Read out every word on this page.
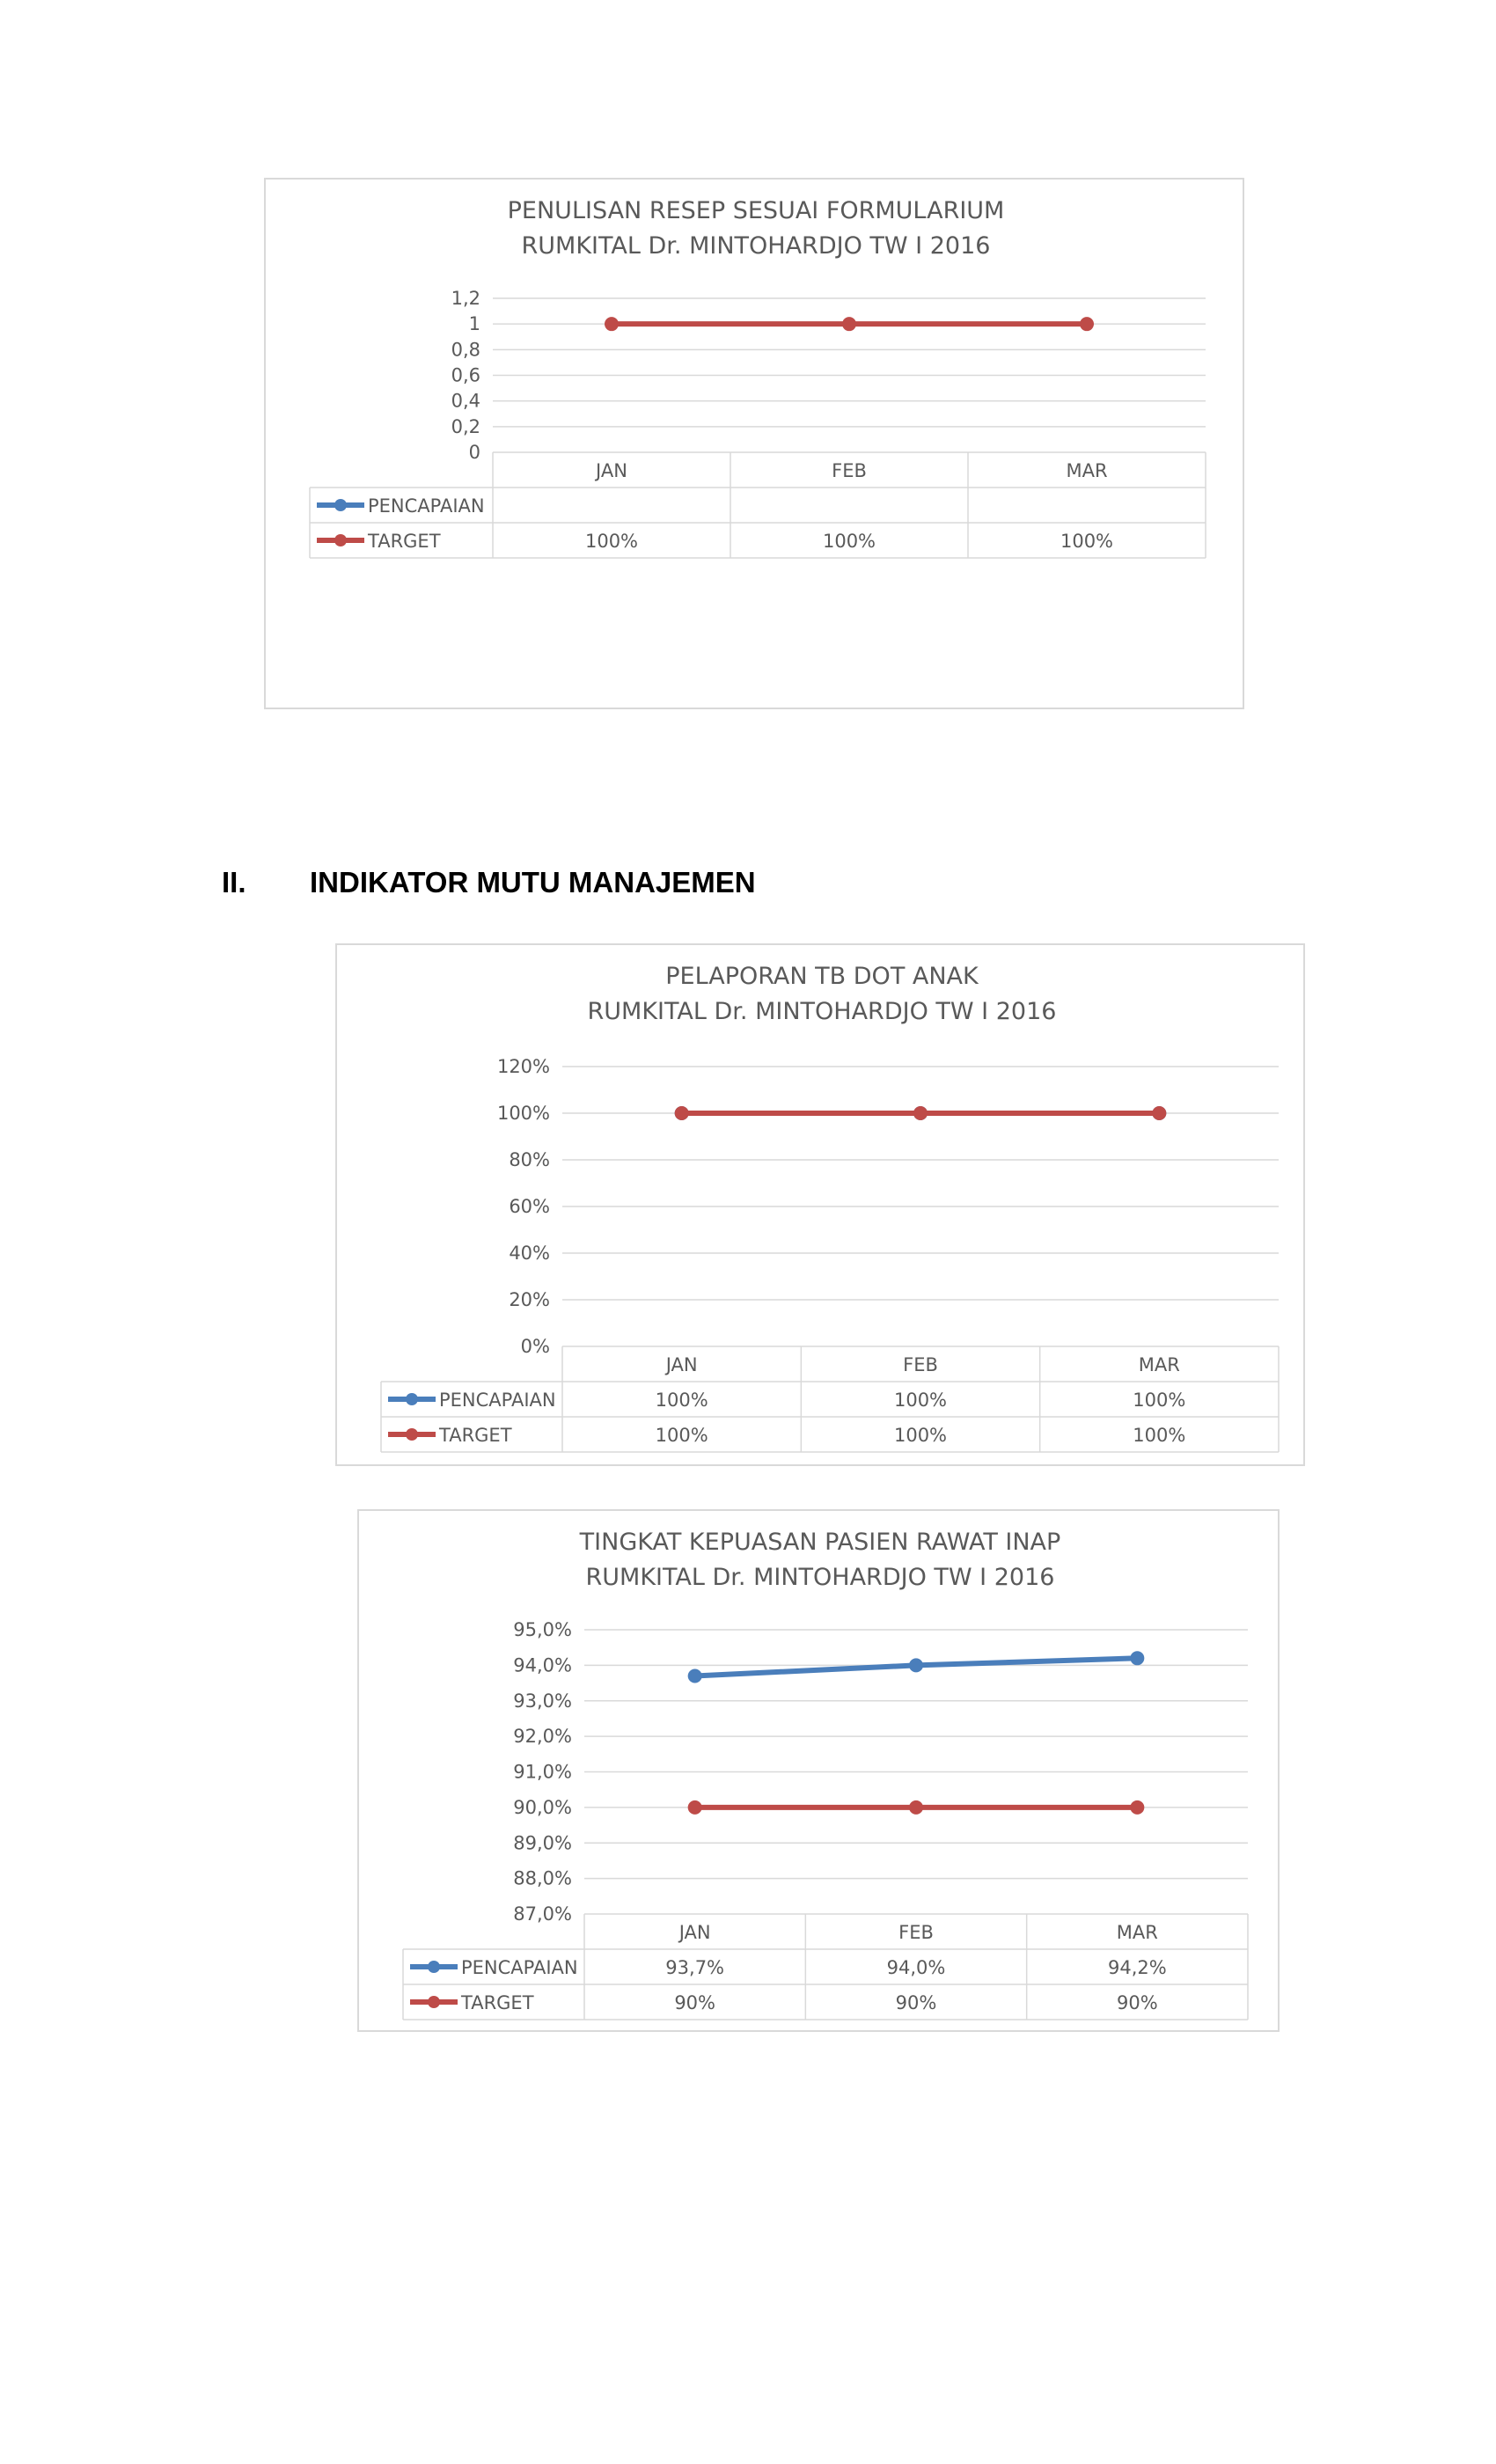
PENULISAN RESEP SESUAI FORMULARIUM
RUMKITAL Dr. MINTOHARDJO TW I 2016
0
0,2
0,4
0,6
0,8
1
1,2
JAN	FEB	MAR
PENCAPAIAN
TARGET	100%	100%	100%
II.	INDIKATOR MUTU MANAJEMEN
PELAPORAN TB DOT ANAK
RUMKITAL Dr. MINTOHARDJO TW I 2016
0%
20%
40%
60%
80%
100%
120%
JAN	FEB	MAR
PENCAPAIAN	100%	100%	100%
TARGET	100%	100%	100%
TINGKAT KEPUASAN PASIEN RAWAT INAP
RUMKITAL Dr. MINTOHARDJO TW I 2016
87,0%
88,0%
89,0%
90,0%
91,0%
92,0%
93,0%
94,0%
95,0%
JAN	FEB	MAR
PENCAPAIAN	93,7%	94,0%	94,2%
TARGET	90%	90%	90%
